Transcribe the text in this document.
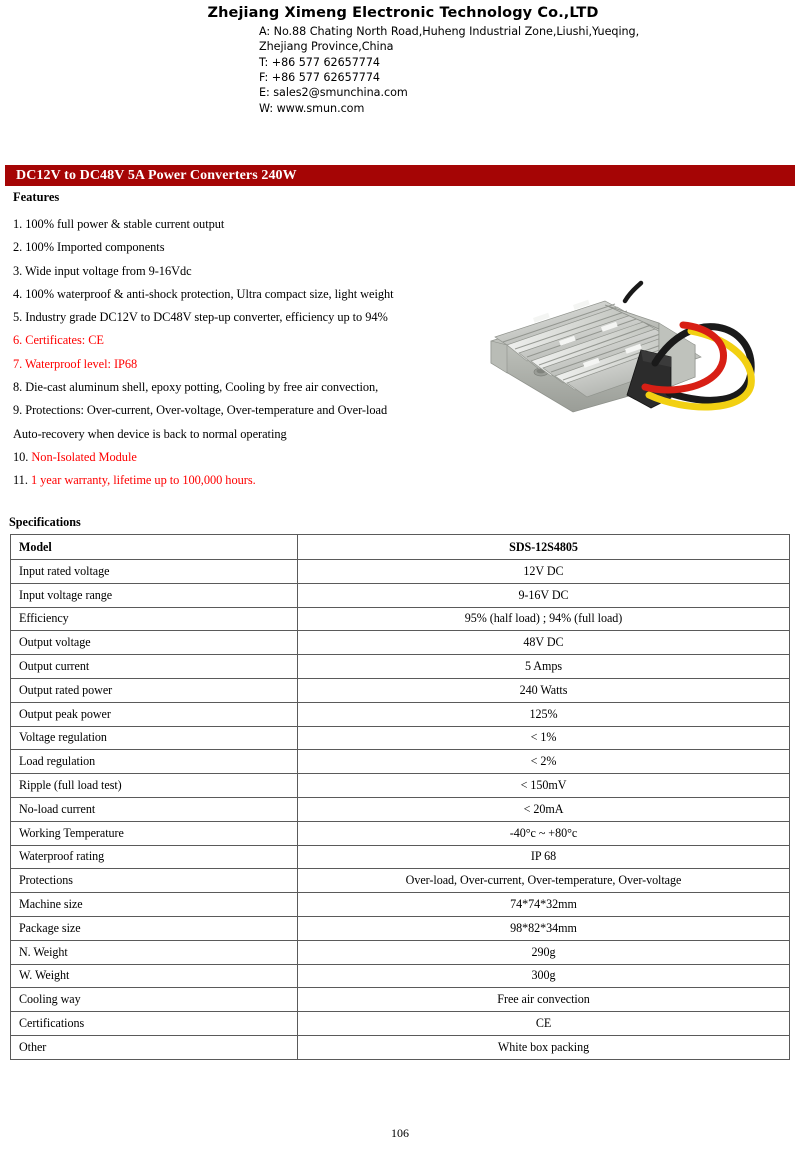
Zhejiang Ximeng Electronic Technology Co.,LTD
A: No.88 Chating North Road,Huheng Industrial Zone,Liushi,Yueqing,
Zhejiang Province,China
T: +86 577 62657774
F: +86 577 62657774
E: sales2@smunchina.com
W: www.smun.com
DC12V to DC48V 5A Power Converters 240W
Features
1. 100% full power & stable current output
2. 100% Imported components
3. Wide input voltage from 9-16Vdc
4. 100% waterproof & anti-shock protection, Ultra compact size, light weight
5. Industry grade DC12V to DC48V step-up converter, efficiency up to 94%
6. Certificates: CE
7. Waterproof level: IP68
8. Die-cast aluminum shell, epoxy potting, Cooling by free air convection,
9. Protections: Over-current, Over-voltage, Over-temperature and Over-load
Auto-recovery when device is back to normal operating
10. Non-Isolated Module
11. 1 year warranty, lifetime up to 100,000 hours.
Specifications
Model	SDS-12S4805
Input rated voltage	12V DC
Input voltage range	9-16V DC
Efficiency	95% (half load) ; 94% (full load)
Output voltage	48V DC
Output current	5 Amps
Output rated power	240 Watts
Output peak power	125%
Voltage regulation	< 1%
Load regulation	< 2%
Ripple (full load test)	< 150mV
No-load current	< 20mA
Working Temperature	-40°c ~ +80°c
Waterproof rating	IP 68
Protections	Over-load, Over-current, Over-temperature, Over-voltage
Machine size	74*74*32mm
Package size	98*82*34mm
N. Weight	290g
W. Weight	300g
Cooling way	Free air convection
Certifications	CE
Other	White box packing
106
